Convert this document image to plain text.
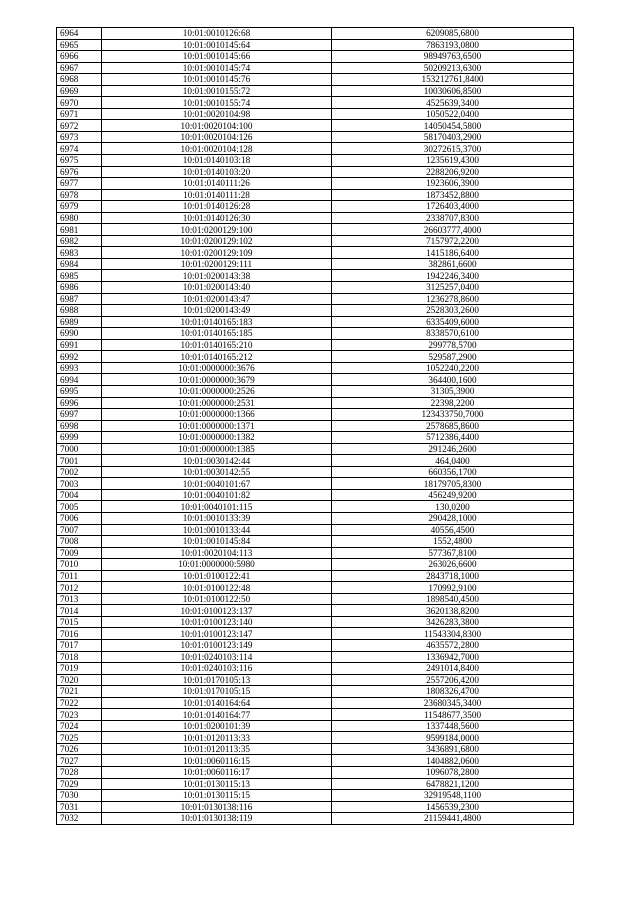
6964	10:01:0010126:68	6209085,6800
6965	10:01:0010145:64	7863193,0800
6966	10:01:0010145:66	98949763,6500
6967	10:01:0010145:74	50209213,6300
6968	10:01:0010145:76	153212761,8400
6969	10:01:0010155:72	10030606,8500
6970	10:01:0010155:74	4525639,3400
6971	10:01:0020104:98	1050522,0400
6972	10:01:0020104:100	14050454,5800
6973	10:01:0020104:126	58170403,2900
6974	10:01:0020104:128	30272615,3700
6975	10:01:0140103:18	1235619,4300
6976	10:01:0140103:20	2288206,9200
6977	10:01:0140111:26	1923606,3900
6978	10:01:0140111:28	1873452,8800
6979	10:01:0140126:28	1726403,4000
6980	10:01:0140126:30	2338707,8300
6981	10:01:0200129:100	26603777,4000
6982	10:01:0200129:102	7157972,2200
6983	10:01:0200129:109	1415186,6400
6984	10:01:0200129:111	382861,6600
6985	10:01:0200143:38	1942246,3400
6986	10:01:0200143:40	3125257,0400
6987	10:01:0200143:47	1236278,8600
6988	10:01:0200143:49	2528303,2600
6989	10:01:0140165:183	6335409,6000
6990	10:01:0140165:185	8338570,6100
6991	10:01:0140165:210	299778,5700
6992	10:01:0140165:212	529587,2900
6993	10:01:0000000:3676	1052240,2200
6994	10:01:0000000:3679	364400,1600
6995	10:01:0000000:2526	31305,3900
6996	10:01:0000000:2531	22398,2200
6997	10:01:0000000:1366	123433750,7000
6998	10:01:0000000:1371	2578685,8600
6999	10:01:0000000:1382	5712386,4400
7000	10:01:0000000:1385	291246,2600
7001	10:01:0030142:44	464,0400
7002	10:01:0030142:55	660356,1700
7003	10:01:0040101:67	18179705,8300
7004	10:01:0040101:82	456249,9200
7005	10:01:0040101:115	130,0200
7006	10:01:0010133:39	290428,1000
7007	10:01:0010133:44	40556,4500
7008	10:01:0010145:84	1552,4800
7009	10:01:0020104:113	577367,8100
7010	10:01:0000000:5980	263026,6600
7011	10:01:0100122:41	2843718,1000
7012	10:01:0100122:48	170992,9100
7013	10:01:0100122:50	1898540,4500
7014	10:01:0100123:137	3620138,8200
7015	10:01:0100123:140	3426283,3800
7016	10:01:0100123:147	11543304,8300
7017	10:01:0100123:149	4635572,2800
7018	10:01:0240103:114	1336942,7000
7019	10:01:0240103:116	2491014,8400
7020	10:01:0170105:13	2557206,4200
7021	10:01:0170105:15	1808326,4700
7022	10:01:0140164:64	23680345,3400
7023	10:01:0140164:77	11548677,3500
7024	10:01:0200101:39	1337448,5600
7025	10:01:0120113:33	9599184,0000
7026	10:01:0120113:35	3436891,6800
7027	10:01:0060116:15	1404882,0600
7028	10:01:0060116:17	1096078,2800
7029	10:01:0130115:13	6478821,1200
7030	10:01:0130115:15	32919548,1100
7031	10:01:0130138:116	1456539,2300
7032	10:01:0130138:119	21159441,4800
